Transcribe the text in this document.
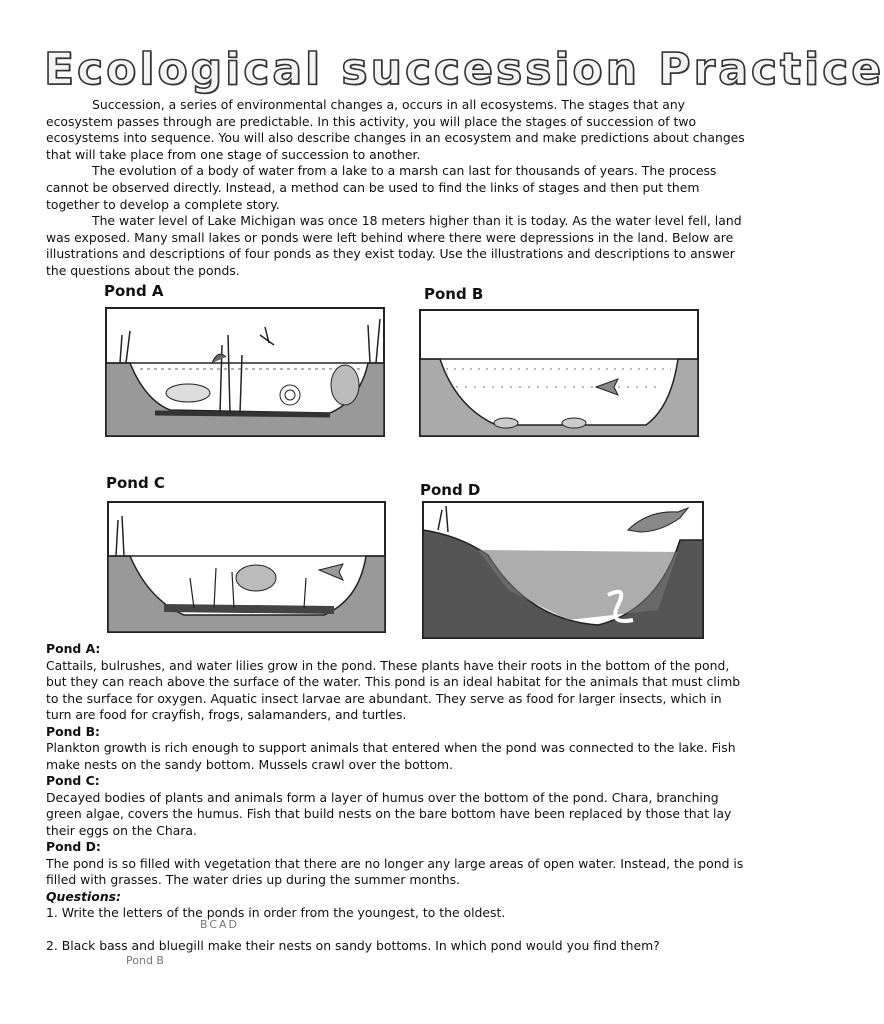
Ecological succession Practice

Succession, a series of environmental changes a, occurs in all ecosystems. The stages that any ecosystem passes through are predictable. In this activity, you will place the stages of succession of two ecosystems into sequence. You will also describe changes in an ecosystem and make predictions about changes that will take place from one stage of succession to another.

The evolution of a body of water from a lake to a marsh can last for thousands of years. The process cannot be observed directly. Instead, a method can be used to find the links of stages and then put them together to develop a complete story.

The water level of Lake Michigan was once 18 meters higher than it is today. As the water level fell, land was exposed. Many small lakes or ponds were left behind where there were depressions in the land. Below are illustrations and descriptions of four ponds as they exist today. Use the illustrations and descriptions to answer the questions about the ponds.

Pond A	Pond B
Pond C	Pond D
Pond A:
Cattails, bulrushes, and water lilies grow in the pond. These plants have their roots in the bottom of the pond, but they can reach above the surface of the water. This pond is an ideal habitat for the animals that must climb to the surface for oxygen. Aquatic insect larvae are abundant. They serve as food for larger insects, which in turn are food for crayfish, frogs, salamanders, and turtles.
Pond B:
Plankton growth is rich enough to support animals that entered when the pond was connected to the lake. Fish make nests on the sandy bottom. Mussels crawl over the bottom.
Pond C:
Decayed bodies of plants and animals form a layer of humus over the bottom of the pond. Chara, branching green algae, covers the humus. Fish that build nests on the bare bottom have been replaced by those that lay their eggs on the Chara.
Pond D:
The pond is so filled with vegetation that there are no longer any large areas of open water. Instead, the pond is filled with grasses. The water dries up during the summer months.
Questions:
1. Write the letters of the ponds in order from the youngest, to the oldest.
2. Black bass and bluegill make their nests on sandy bottoms. In which pond would you find them?
BCAD
Pond B
